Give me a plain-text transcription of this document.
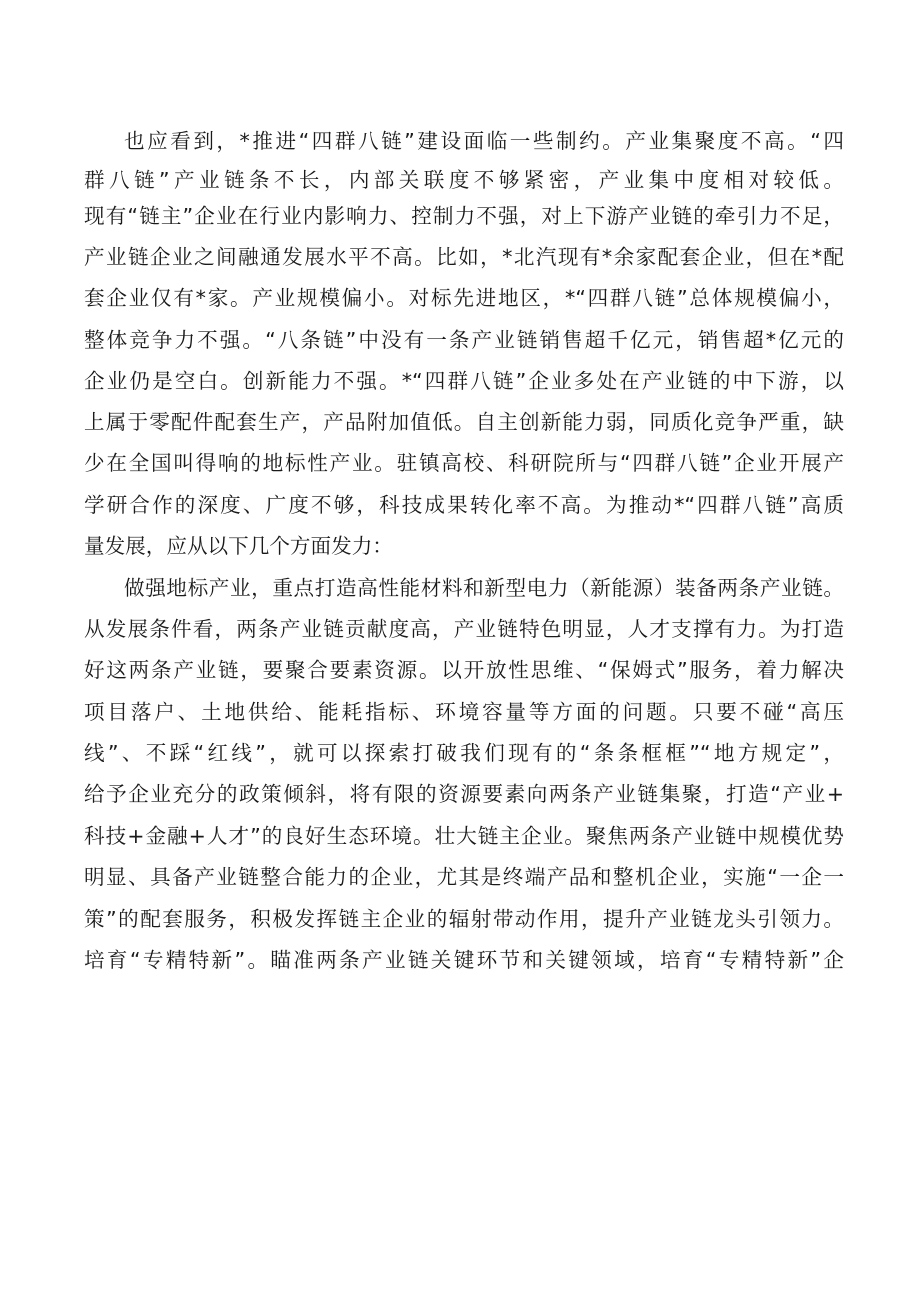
也应看到，*推进“四群八链”建设面临一些制约。产业集聚度不高。“四

群八链”产业链条不长，内部关联度不够紧密，产业集中度相对较低。

现有“链主”企业在行业内影响力、控制力不强，对上下游产业链的牵引力不足，

产业链企业之间融通发展水平不高。比如，*北汽现有*余家配套企业，但在*配

套企业仅有*家。产业规模偏小。对标先进地区，*“四群八链”总体规模偏小，

整体竞争力不强。“八条链”中没有一条产业链销售超千亿元，销售超*亿元的

企业仍是空白。创新能力不强。*“四群八链”企业多处在产业链的中下游，以

上属于零配件配套生产，产品附加值低。自主创新能力弱，同质化竞争严重，缺

少在全国叫得响的地标性产业。驻镇高校、科研院所与“四群八链”企业开展产

学研合作的深度、广度不够，科技成果转化率不高。为推动*“四群八链”高质

量发展，应从以下几个方面发力：

做强地标产业，重点打造高性能材料和新型电力（新能源）装备两条产业链。

从发展条件看，两条产业链贡献度高，产业链特色明显，人才支撑有力。为打造

好这两条产业链，要聚合要素资源。以开放性思维、“保姆式”服务，着力解决

项目落户、土地供给、能耗指标、环境容量等方面的问题。只要不碰“高压

线”、不踩“红线”，就可以探索打破我们现有的“条条框框”“地方规定”，

给予企业充分的政策倾斜，将有限的资源要素向两条产业链集聚，打造“产业+

科技+金融+人才”的良好生态环境。壮大链主企业。聚焦两条产业链中规模优势

明显、具备产业链整合能力的企业，尤其是终端产品和整机企业，实施“一企一

策”的配套服务，积极发挥链主企业的辐射带动作用，提升产业链龙头引领力。

培育“专精特新”。瞄准两条产业链关键环节和关键领域，培育“专精特新”企
